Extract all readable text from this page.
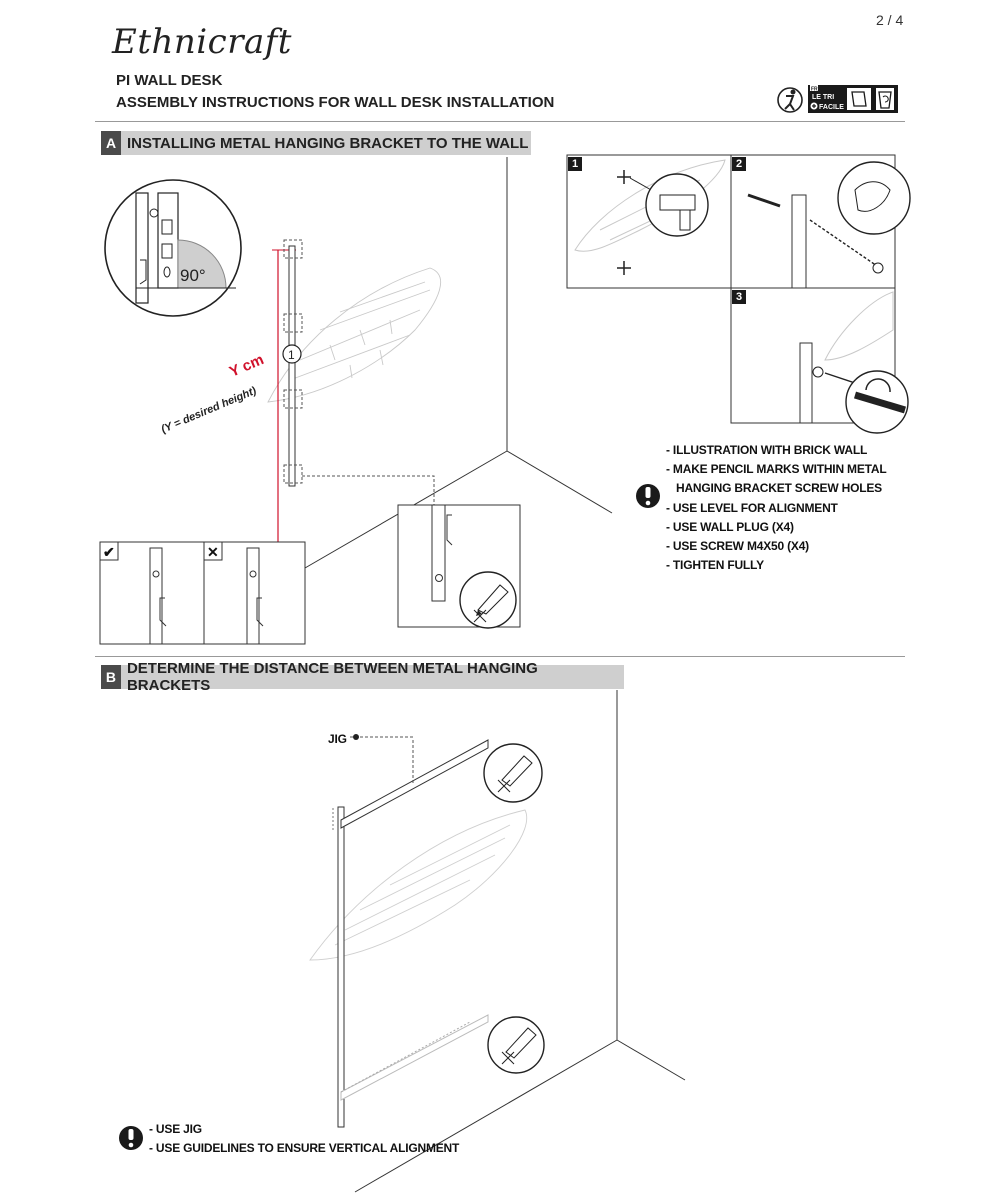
Ethnicraft
2 / 4
PI WALL DESK
ASSEMBLY INSTRUCTIONS FOR WALL DESK INSTALLATION
FR
LE TRI
FACILE
A INSTALLING METAL HANGING BRACKET TO THE WALL
90°
Y cm
(Y = desired height)
1
✔	✕
1	2
3
- ILLUSTRATION WITH BRICK WALL
- MAKE PENCIL MARKS WITHIN METAL
HANGING BRACKET SCREW HOLES
- USE LEVEL FOR ALIGNMENT
- USE WALL PLUG (X4)
- USE SCREW M4X50 (X4)
- TIGHTEN FULLY
B DETERMINE THE DISTANCE BETWEEN METAL HANGING BRACKETS
JIG
- USE JIG
- USE GUIDELINES TO ENSURE VERTICAL ALIGNMENT
